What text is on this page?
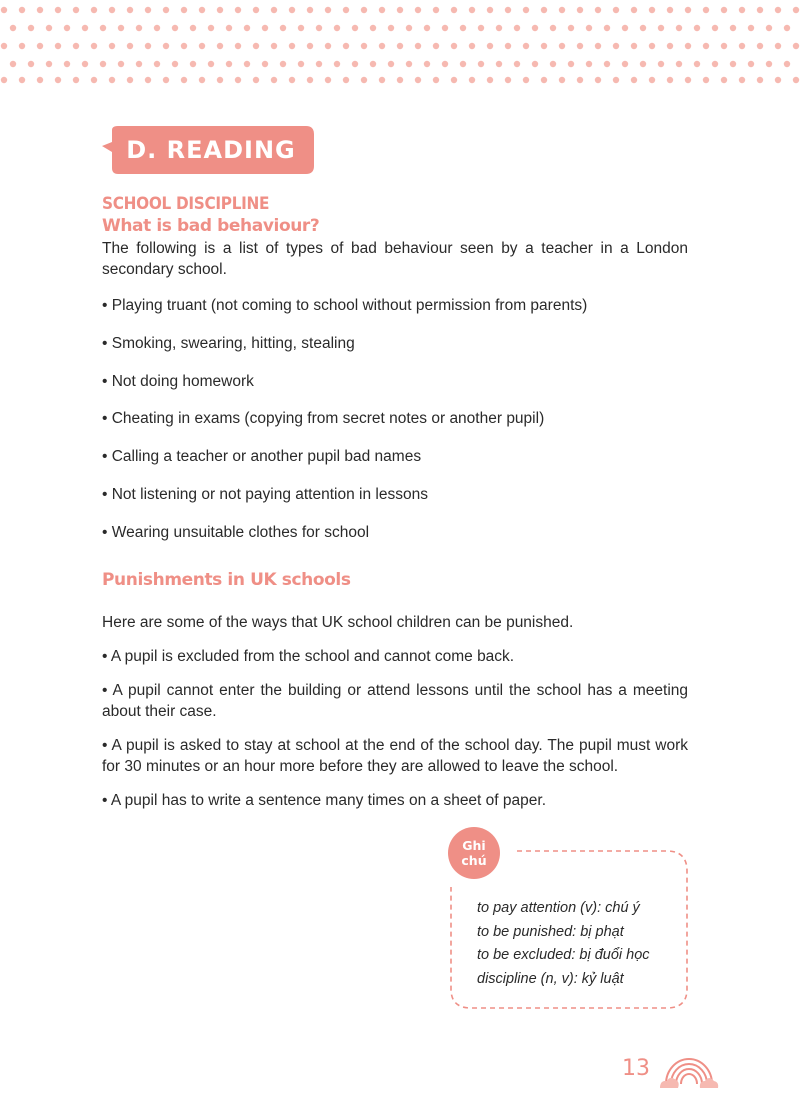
D. READING
SCHOOL DISCIPLINE
What is bad behaviour?
The following is a list of types of bad behaviour seen by a teacher in a London secondary school.
• Playing truant (not coming to school without permission from parents)
• Smoking, swearing, hitting, stealing
• Not doing homework
• Cheating in exams (copying from secret notes or another pupil)
• Calling a teacher or another pupil bad names
• Not listening or not paying attention in lessons
• Wearing unsuitable clothes for school
Punishments in UK schools
Here are some of the ways that UK school children can be punished.
• A pupil is excluded from the school and cannot come back.
• A pupil cannot enter the building or attend lessons until the school has a meeting about their case.
• A pupil is asked to stay at school at the end of the school day. The pupil must work for 30 minutes or an hour more before they are allowed to leave the school.
• A pupil has to write a sentence many times on a sheet of paper.
Ghi
chú
to pay attention (v): chú ý
to be punished: bị phạt
to be excluded: bị đuổi học
discipline (n, v): kỷ luật
13
